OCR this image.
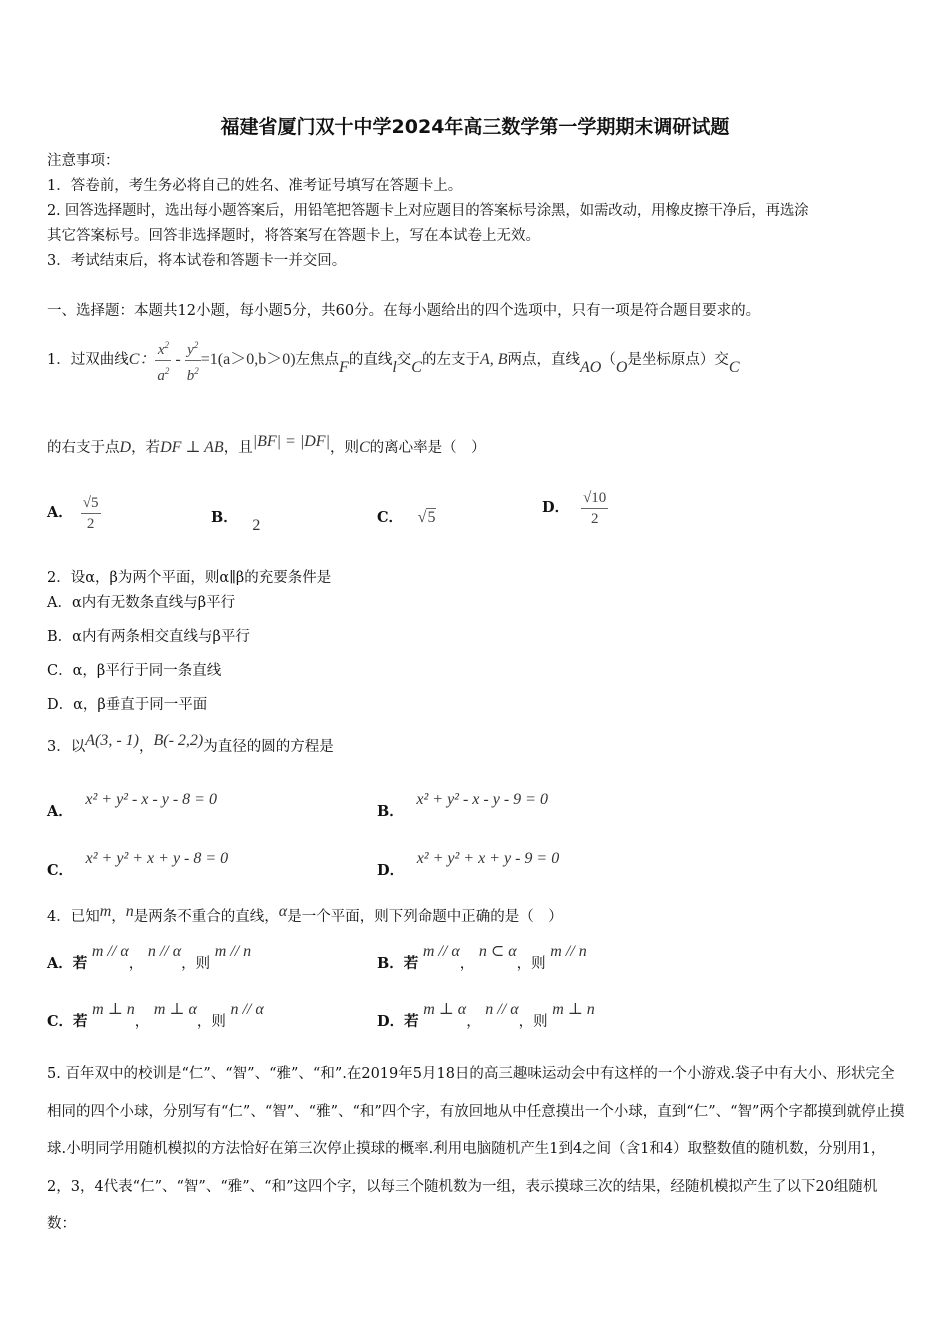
福建省厦门双十中学2024年高三数学第一学期期末调研试题
注意事项：
1．答卷前，考生务必将自己的姓名、准考证号填写在答题卡上。
2. 回答选择题时，选出每小题答案后，用铅笔把答题卡上对应题目的答案标号涂黑，如需改动，用橡皮擦干净后，再选涂
其它答案标号。回答非选择题时，将答案写在答题卡上，写在本试卷上无效。
3．考试结束后，将本试卷和答题卡一并交回。
一、选择题：本题共12小题，每小题5分，共60分。在每小题给出的四个选项中，只有一项是符合题目要求的。
1．过双曲线 C： $\frac{x^2}{a^2} - \frac{y^2}{b^2} =1(a>0,b>0)$ 左焦点 F 的直线 l 交 C 的左支于 A, B 两点，直线 AO （ O 是坐标原点）交 C
的右支于点 D ，若 DF ⊥ AB ，且 |BF| = |DF| ，则 C 的离心率是（　）
A． $\frac{√5}{2}$	B． 2	C． √5
D． $\frac{√10}{2}$
2．设α，β为两个平面，则α∥β的充要条件是
A．α内有无数条直线与β平行
B．α内有两条相交直线与β平行
C．α，β平行于同一条直线
D．α，β垂直于同一平面
3．以 A(3, - 1) ， B(- 2,2) 为直径的圆的方程是
A． x² + y² - x - y - 8 = 0
B． x² + y² - x - y - 9 = 0
C． x² + y² + x + y - 8 = 0
D． x² + y² + x + y - 9 = 0
4．已知 m ， n 是两条不重合的直线， α 是一个平面，则下列命题中正确的是（　）
A．若 m // α， n // α，则 m // n
B．若 m // α， n ⊂ α，则 m // n
C．若 m ⊥ n， m ⊥ α，则 n // α
D．若 m ⊥ α， n // α，则 m ⊥ n
5. 百年双中的校训是“仁”、“智”、“雅”、“和”.在2019年5月18日的高三趣味运动会中有这样的一个小游戏.袋子中有大小、形状完全相同的四个小球，分别写有“仁”、“智”、“雅”、“和”四个字，有放回地从中任意摸出一个小球，直到“仁”、“智”两个字都摸到就停止摸球.小明同学用随机模拟的方法恰好在第三次停止摸球的概率.利用电脑随机产生1到4之间（含1和4）取整数值的随机数，分别用1，2，3，4代表“仁”、“智”、“雅”、“和”这四个字，以每三个随机数为一组，表示摸球三次的结果，经随机模拟产生了以下20组随机数：
